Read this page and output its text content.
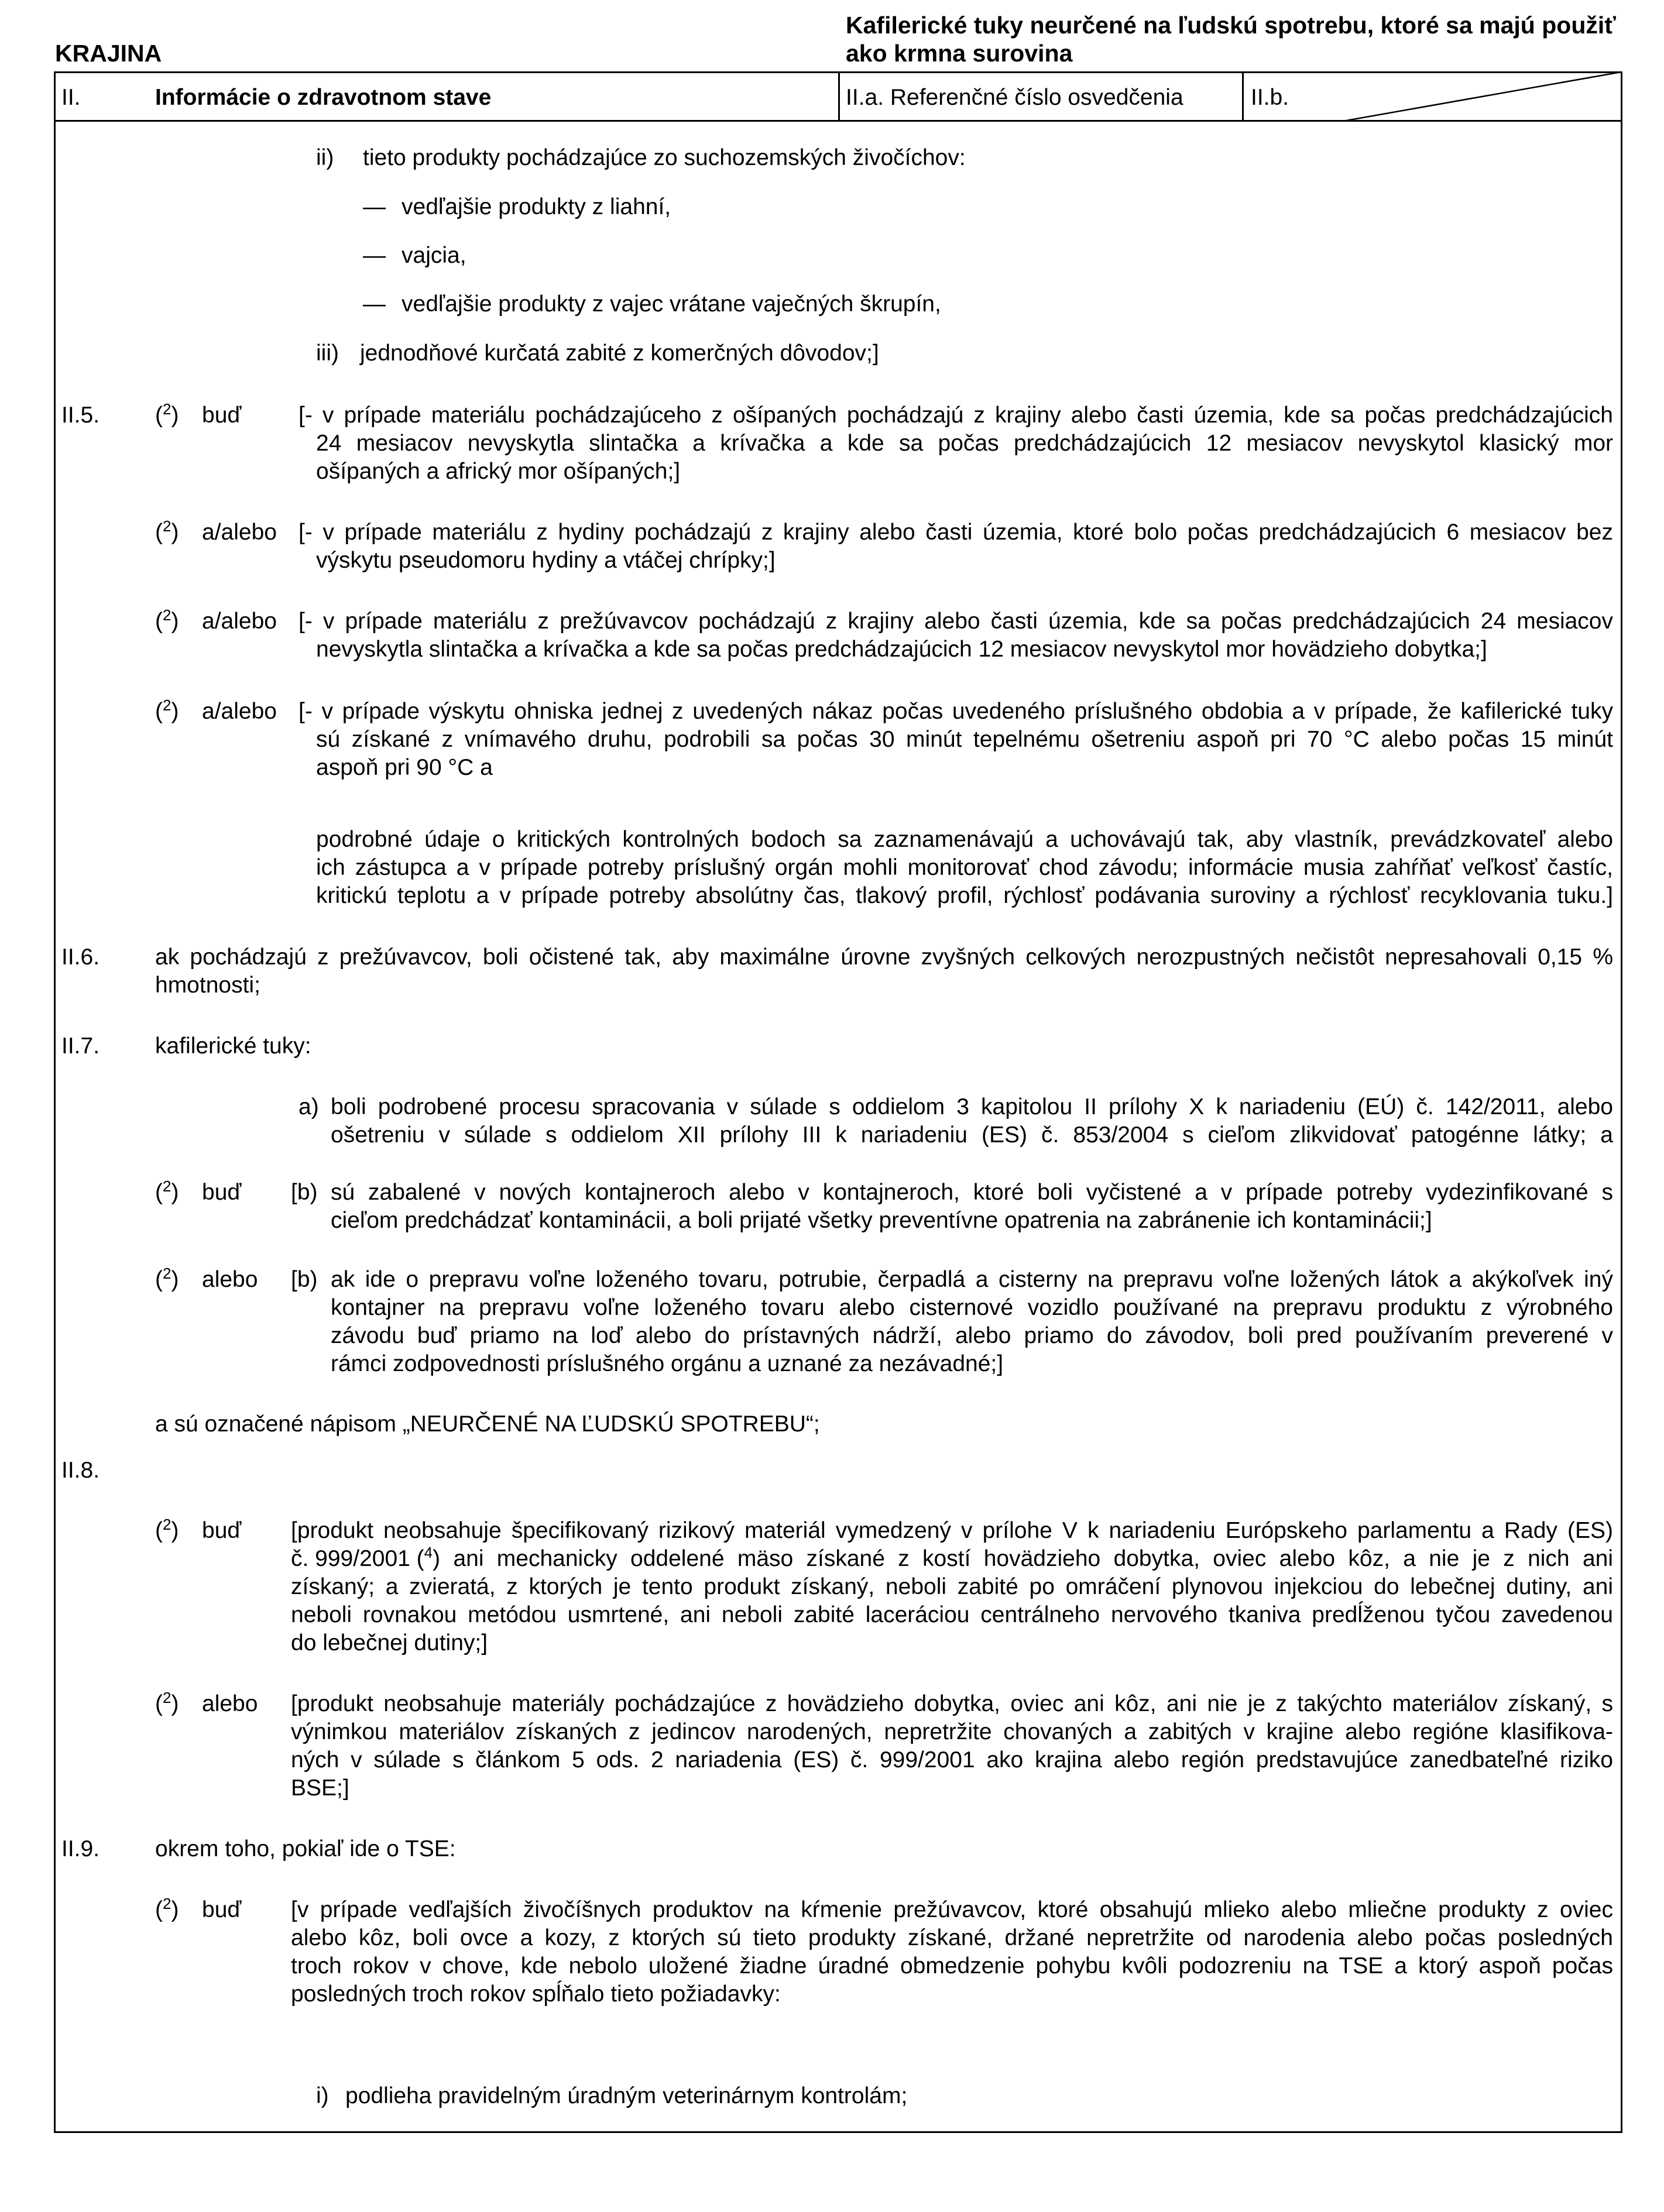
KRAJINA
Kafilerické tuky neurčené na ľudskú spotrebu, ktoré sa majú použiť
ako krmna surovina
II.	Informácie o zdravotnom stave	II.a. Referenčné číslo osvedčenia	II.b.
ii) tieto produkty pochádzajúce zo suchozemských živočíchov:
— vedľajšie produkty z liahní,
— vajcia,
— vedľajšie produkty z vajec vrátane vaječných škrupín,
iii) jednodňové kurčatá zabité z komerčných dôvodov;]
II.5. ($^2$) buď	[- v prípade materiálu pochádzajúceho z ošípaných pochádzajú z krajiny alebo časti územia, kde sa počas predchádzajúcich
24 mesiacov nevyskytla slintačka a krívačka a kde sa počas predchádzajúcich 12 mesiacov nevyskytol klasický mor
ošípaných a africký mor ošípaných;]
($^2$) a/alebo [- v prípade materiálu z hydiny pochádzajú z krajiny alebo časti územia, ktoré bolo počas predchádzajúcich 6 mesiacov bez
výskytu pseudomoru hydiny a vtáčej chrípky;]
($^2$) a/alebo [- v prípade materiálu z prežúvavcov pochádzajú z krajiny alebo časti územia, kde sa počas predchádzajúcich 24 mesiacov
nevyskytla slintačka a krívačka a kde sa počas predchádzajúcich 12 mesiacov nevyskytol mor hovädzieho dobytka;]
($^2$) a/alebo [- v prípade výskytu ohniska jednej z uvedených nákaz počas uvedeného príslušného obdobia a v prípade, že kafilerické tuky
sú získané z vnímavého druhu, podrobili sa počas 30 minút tepelnému ošetreniu aspoň pri 70 °C alebo počas 15 minút
aspoň pri 90 °C a
podrobné údaje o kritických kontrolných bodoch sa zaznamenávajú a uchovávajú tak, aby vlastník, prevádzkovateľ alebo
ich zástupca a v prípade potreby príslušný orgán mohli monitorovať chod závodu; informácie musia zahŕňať veľkosť častíc,
kritickú teplotu a v prípade potreby absolútny čas, tlakový profil, rýchlosť podávania suroviny a rýchlosť recyklovania tuku.]
II.6. ak pochádzajú z prežúvavcov, boli očistené tak, aby maximálne úrovne zvyšných celkových nerozpustných nečistôt nepresahovali 0,15 %
hmotnosti;
II.7. kafilerické tuky:
a) boli podrobené procesu spracovania v súlade s oddielom 3 kapitolou II prílohy X k nariadeniu (EÚ) č. 142/2011, alebo
ošetreniu v súlade s oddielom XII prílohy III k nariadeniu (ES) č. 853/2004 s cieľom zlikvidovať patogénne látky; a
($^2$) buď [b) sú zabalené v nových kontajneroch alebo v kontajneroch, ktoré boli vyčistené a v prípade potreby vydezinfikované s
cieľom predchádzať kontaminácii, a boli prijaté všetky preventívne opatrenia na zabránenie ich kontaminácii;]
($^2$) alebo [b) ak ide o prepravu voľne loženého tovaru, potrubie, čerpadlá a cisterny na prepravu voľne ložených látok a akýkoľvek iný
kontajner na prepravu voľne loženého tovaru alebo cisternové vozidlo používané na prepravu produktu z výrobného
závodu buď priamo na loď alebo do prístavných nádrží, alebo priamo do závodov, boli pred používaním preverené v
rámci zodpovednosti príslušného orgánu a uznané za nezávadné;]
a sú označené nápisom „NEURČENÉ NA ĽUDSKÚ SPOTREBU“;
II.8.
($^2$) buď [produkt neobsahuje špecifikovaný rizikový materiál vymedzený v prílohe V k nariadeniu Európskeho parlamentu a Rady (ES)
č. 999/2001 ( $^4$ ) ani mechanicky oddelené mäso získané z kostí hovädzieho dobytka, oviec alebo kôz, a nie je z nich ani
získaný; a zvieratá, z ktorých je tento produkt získaný, neboli zabité po omráčení plynovou injekciou do lebečnej dutiny, ani
neboli rovnakou metódou usmrtené, ani neboli zabité laceráciou centrálneho nervového tkaniva predĺženou tyčou zavedenou
do lebečnej dutiny;]
($^2$) alebo [produkt neobsahuje materiály pochádzajúce z hovädzieho dobytka, oviec ani kôz, ani nie je z takýchto materiálov získaný, s
výnimkou materiálov získaných z jedincov narodených, nepretržite chovaných a zabitých v krajine alebo regióne klasifikova-
ných v súlade s článkom 5 ods. 2 nariadenia (ES) č. 999/2001 ako krajina alebo región predstavujúce zanedbateľné riziko
BSE;]
II.9. okrem toho, pokiaľ ide o TSE:
($^2$) buď [v prípade vedľajších živočíšnych produktov na kŕmenie prežúvavcov, ktoré obsahujú mlieko alebo mliečne produkty z oviec
alebo kôz, boli ovce a kozy, z ktorých sú tieto produkty získané, držané nepretržite od narodenia alebo počas posledných
troch rokov v chove, kde nebolo uložené žiadne úradné obmedzenie pohybu kvôli podozreniu na TSE a ktorý aspoň počas
posledných troch rokov spĺňalo tieto požiadavky:
i) podlieha pravidelným úradným veterinárnym kontrolám;
